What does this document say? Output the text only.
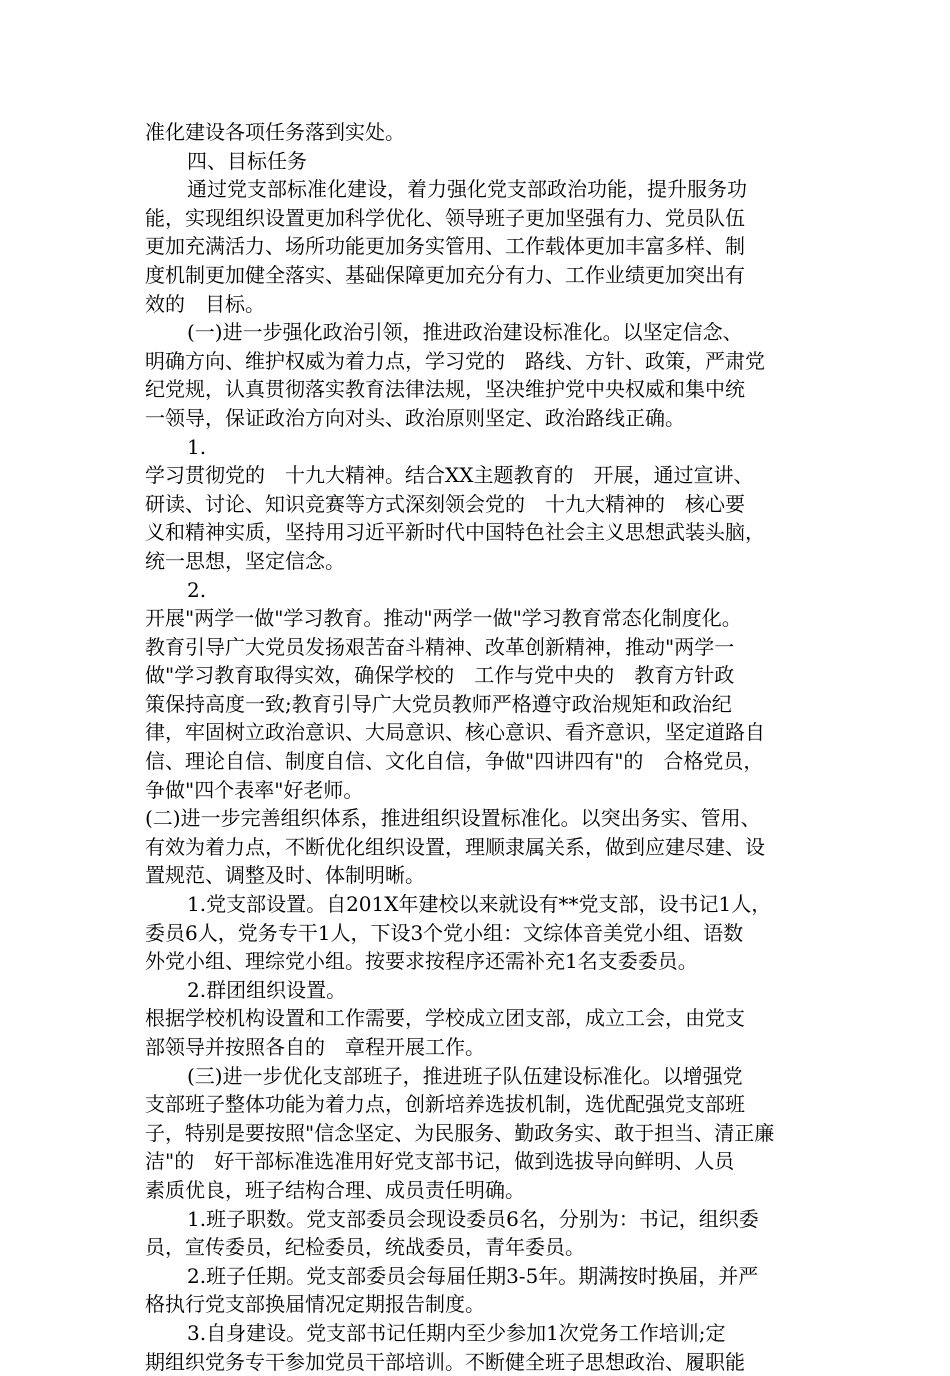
准化建设各项任务落到实处。
四、目标任务
通过党支部标准化建设，着力强化党支部政治功能，提升服务功
能，实现组织设置更加科学优化、领导班子更加坚强有力、党员队伍
更加充满活力、场所功能更加务实管用、工作载体更加丰富多样、制
度机制更加健全落实、基础保障更加充分有力、工作业绩更加突出有
效的　目标。
(一)进一步强化政治引领，推进政治建设标准化。以坚定信念、
明确方向、维护权威为着力点，学习党的　路线、方针、政策，严肃党
纪党规，认真贯彻落实教育法律法规，坚决维护党中央权威和集中统
一领导，保证政治方向对头、政治原则坚定、政治路线正确。
1.
学习贯彻党的　十九大精神。结合XX主题教育的　开展，通过宣讲、
研读、讨论、知识竞赛等方式深刻领会党的　十九大精神的　核心要
义和精神实质，坚持用习近平新时代中国特色社会主义思想武装头脑，
统一思想，坚定信念。
2.
开展"两学一做"学习教育。推动"两学一做"学习教育常态化制度化。
教育引导广大党员发扬艰苦奋斗精神、改革创新精神，推动"两学一
做"学习教育取得实效，确保学校的　工作与党中央的　教育方针政
策保持高度一致;教育引导广大党员教师严格遵守政治规矩和政治纪
律，牢固树立政治意识、大局意识、核心意识、看齐意识，坚定道路自
信、理论自信、制度自信、文化自信，争做"四讲四有"的　合格党员，
争做"四个表率"好老师。
(二)进一步完善组织体系，推进组织设置标准化。以突出务实、管用、
有效为着力点，不断优化组织设置，理顺隶属关系，做到应建尽建、设
置规范、调整及时、体制明晰。
1.党支部设置。自201X年建校以来就设有**党支部，设书记1人，
委员6人，党务专干1人，下设3个党小组：文综体音美党小组、语数
外党小组、理综党小组。按要求按程序还需补充1名支委委员。
2.群团组织设置。
根据学校机构设置和工作需要，学校成立团支部，成立工会，由党支
部领导并按照各自的　章程开展工作。
(三)进一步优化支部班子，推进班子队伍建设标准化。以增强党
支部班子整体功能为着力点，创新培养选拔机制，选优配强党支部班
子，特别是要按照"信念坚定、为民服务、勤政务实、敢于担当、清正廉
洁"的　好干部标准选准用好党支部书记，做到选拔导向鲜明、人员
素质优良，班子结构合理、成员责任明确。
1.班子职数。党支部委员会现设委员6名，分别为：书记，组织委
员，宣传委员，纪检委员，统战委员，青年委员。
2.班子任期。党支部委员会每届任期3-5年。期满按时换届，并严
格执行党支部换届情况定期报告制度。
3.自身建设。党支部书记任期内至少参加1次党务工作培训;定
期组织党务专干参加党员干部培训。不断健全班子思想政治、履职能
